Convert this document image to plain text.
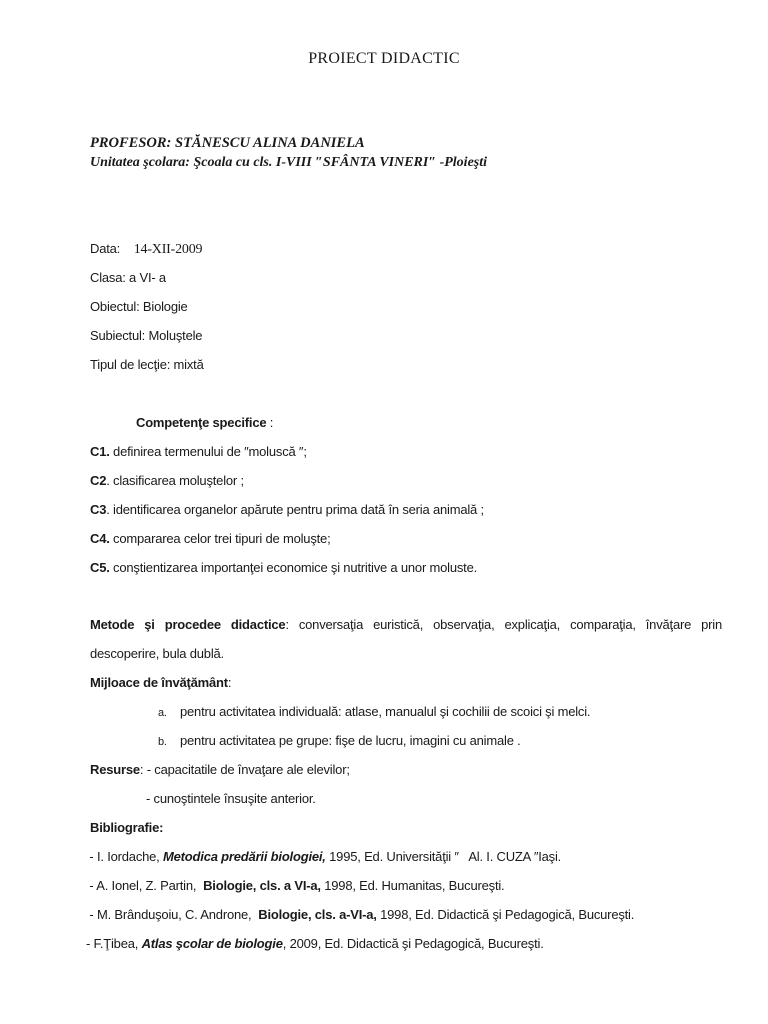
PROIECT DIDACTIC
PROFESOR: STĂNESCU ALINA DANIELA
Unitatea şcolara: Şcoala cu cls. I-VIII ″SFÂNTA VINERI″ -Ploieşti
Data: 14-XII-2009
Clasa: a VI- a
Obiectul: Biologie
Subiectul: Moluştele
Tipul de lecţie: mixtă
Competenţe specifice :
C1. definirea termenului de ″moluscă ″;
C2. clasificarea moluştelor ;
C3. identificarea organelor apărute pentru prima dată în seria animală ;
C4. compararea celor trei tipuri de moluşte;
C5. conştientizarea importanţei economice şi nutritive a unor moluste.
Metode şi procedee didactice: conversaţia euristică, observaţia, explicaţia, comparaţia, învăţare prin
descoperire, bula dublă.
Mijloace de învăţământ:
a. pentru activitatea individuală: atlase, manualul şi cochilii de scoici şi melci.
b. pentru activitatea pe grupe: fişe de lucru, imagini cu animale .
Resurse: - capacitatile de învaţare ale elevilor;
- cunoştintele însuşite anterior.
Bibliografie:
- I. Iordache, Metodica predării biologiei, 1995, Ed. Universităţii ″   Al. I. CUZA ″Iaşi.
- A. Ionel, Z. Partin,  Biologie, cls. a VI-a, 1998, Ed. Humanitas, Bucureşti.
- M. Brânduşoiu, C. Androne,  Biologie, cls. a-VI-a, 1998, Ed. Didactică şi Pedagogică, Bucureşti.
- F.Ţibea, Atlas şcolar de biologie, 2009, Ed. Didactică şi Pedagogică, Bucureşti.
